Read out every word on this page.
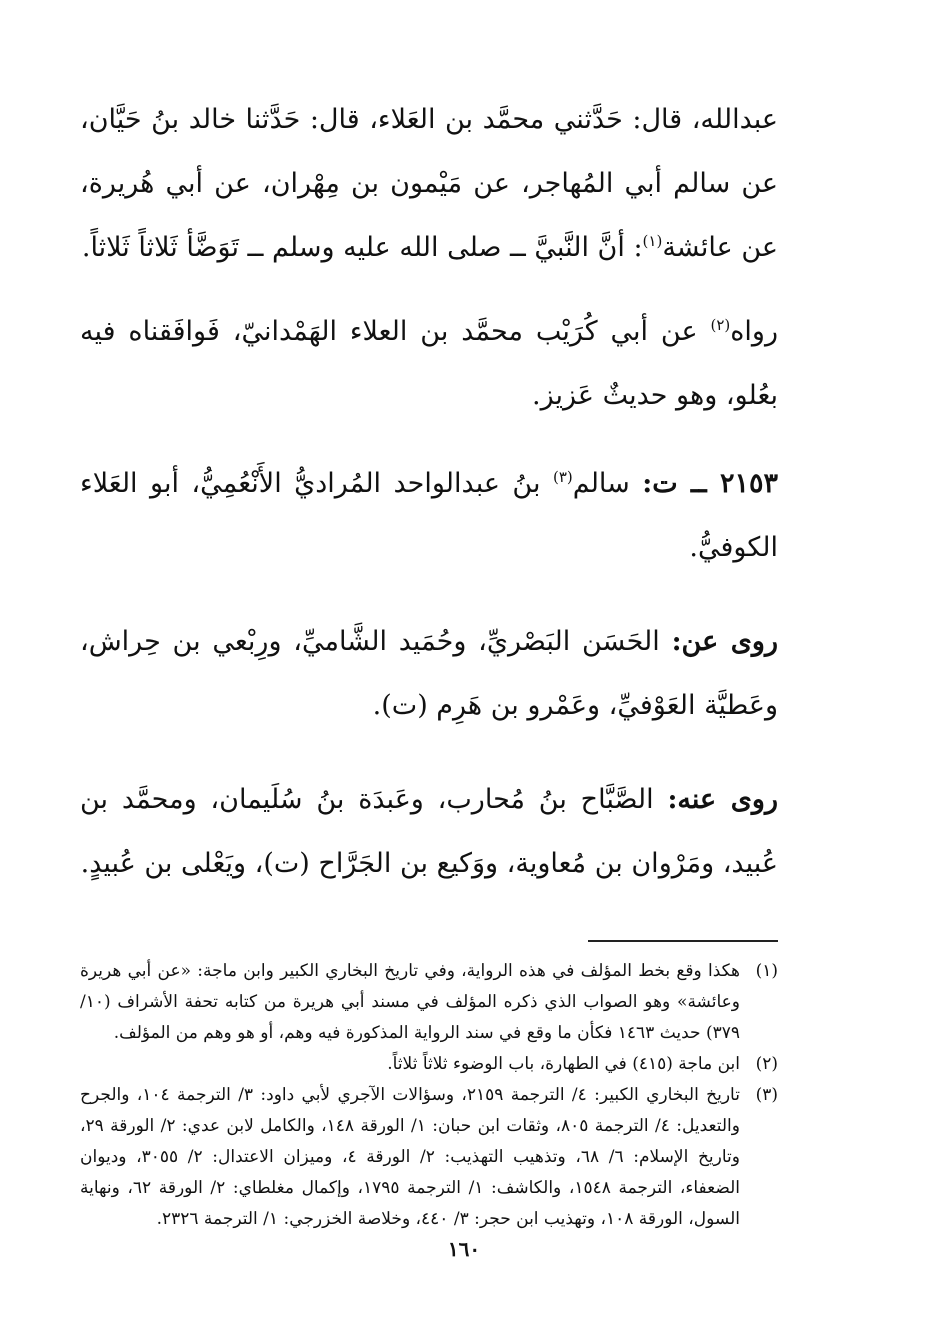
عبدالله، قال: حَدَّثني محمَّد بن العَلاء، قال: حَدَّثنا خالد بنُ حَيَّان، عن سالم أبي المُهاجر، عن مَيْمون بن مِهْران، عن أبي هُريرة، عن عائشة$^{(١)}$: أنَّ النَّبيَّ ــ صلى الله عليه وسلم ــ تَوَضَّأ ثَلاثاً ثَلاثاً.

رواه$^{(٢)}$ عن أبي كُرَيْب محمَّد بن العلاء الهَمْدانيّ، فَوافَقناه فيه بعُلو، وهو حديثٌ عَزيز.

٢١٥٣ ــ ت: سالم$^{(٣)}$ بنُ عبدالواحد المُراديُّ الأَنْعُمِيُّ، أبو العَلاء الكوفيُّ.

روى عن: الحَسَن البَصْريِّ، وحُمَيد الشَّاميِّ، ورِبْعي بن حِراش، وعَطيَّة العَوْفيِّ، وعَمْرو بن هَرِم (ت).

روى عنه: الصَّبَّاح بنُ مُحارب، وعَبدَة بنُ سُلَيمان، ومحمَّد بن عُبيد، ومَرْوان بن مُعاوية، ووَكيع بن الجَرَّاح (ت)، ويَعْلى بن عُبيدٍ.

(١)
هكذا وقع بخط المؤلف في هذه الرواية، وفي تاريخ البخاري الكبير وابن ماجة: «عن أبي هريرة وعائشة» وهو الصواب الذي ذكره المؤلف في مسند أبي هريرة من كتابه تحفة الأشراف (١٠/ ٣٧٩) حديث ١٤٦٣ فكأن ما وقع في سند الرواية المذكورة فيه وهم، أو هو وهم من المؤلف.
(٢)
ابن ماجة (٤١٥) في الطهارة، باب الوضوء ثلاثاً ثلاثاً.
(٣)
تاريخ البخاري الكبير: ٤/ الترجمة ٢١٥٩، وسؤالات الآجري لأبي داود: ٣/ الترجمة ١٠٤، والجرح والتعديل: ٤/ الترجمة ٨٠٥، وثقات ابن حبان: ١/ الورقة ١٤٨، والكامل لابن عدي: ٢/ الورقة ٢٩، وتاريخ الإسلام: ٦/ ٦٨، وتذهيب التهذيب: ٢/ الورقة ٤، وميزان الاعتدال: ٢/ ٣٠٥٥، وديوان الضعفاء، الترجمة ١٥٤٨، والكاشف: ١/ الترجمة ١٧٩٥، وإكمال مغلطاي: ٢/ الورقة ٦٢، ونهاية السول، الورقة ١٠٨، وتهذيب ابن حجر: ٣/ ٤٤٠، وخلاصة الخزرجي: ١/ الترجمة ٢٣٢٦.
١٦٠
